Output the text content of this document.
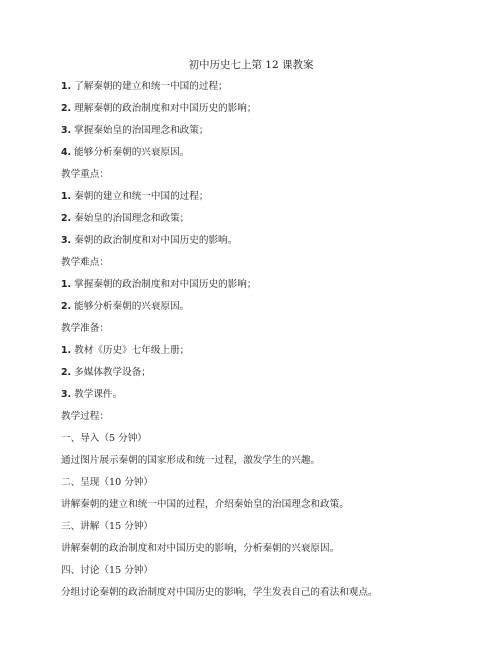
初中历史七上第 12 课教案
1. 了解秦朝的建立和统一中国的过程；
2. 理解秦朝的政治制度和对中国历史的影响；
3. 掌握秦始皇的治国理念和政策；
4. 能够分析秦朝的兴衰原因。
教学重点：
1. 秦朝的建立和统一中国的过程；
2. 秦始皇的治国理念和政策；
3. 秦朝的政治制度和对中国历史的影响。
教学难点：
1. 掌握秦朝的政治制度和对中国历史的影响；
2. 能够分析秦朝的兴衰原因。
教学准备：
1. 教材《历史》七年级上册；
2. 多媒体教学设备；
3. 教学课件。
教学过程：
一、导入（5 分钟）
通过图片展示秦朝的国家形成和统一过程，激发学生的兴趣。
二、呈现（10 分钟）
讲解秦朝的建立和统一中国的过程，介绍秦始皇的治国理念和政策。
三、讲解（15 分钟）
讲解秦朝的政治制度和对中国历史的影响，分析秦朝的兴衰原因。
四、讨论（15 分钟）
分组讨论秦朝的政治制度对中国历史的影响，学生发表自己的看法和观点。
